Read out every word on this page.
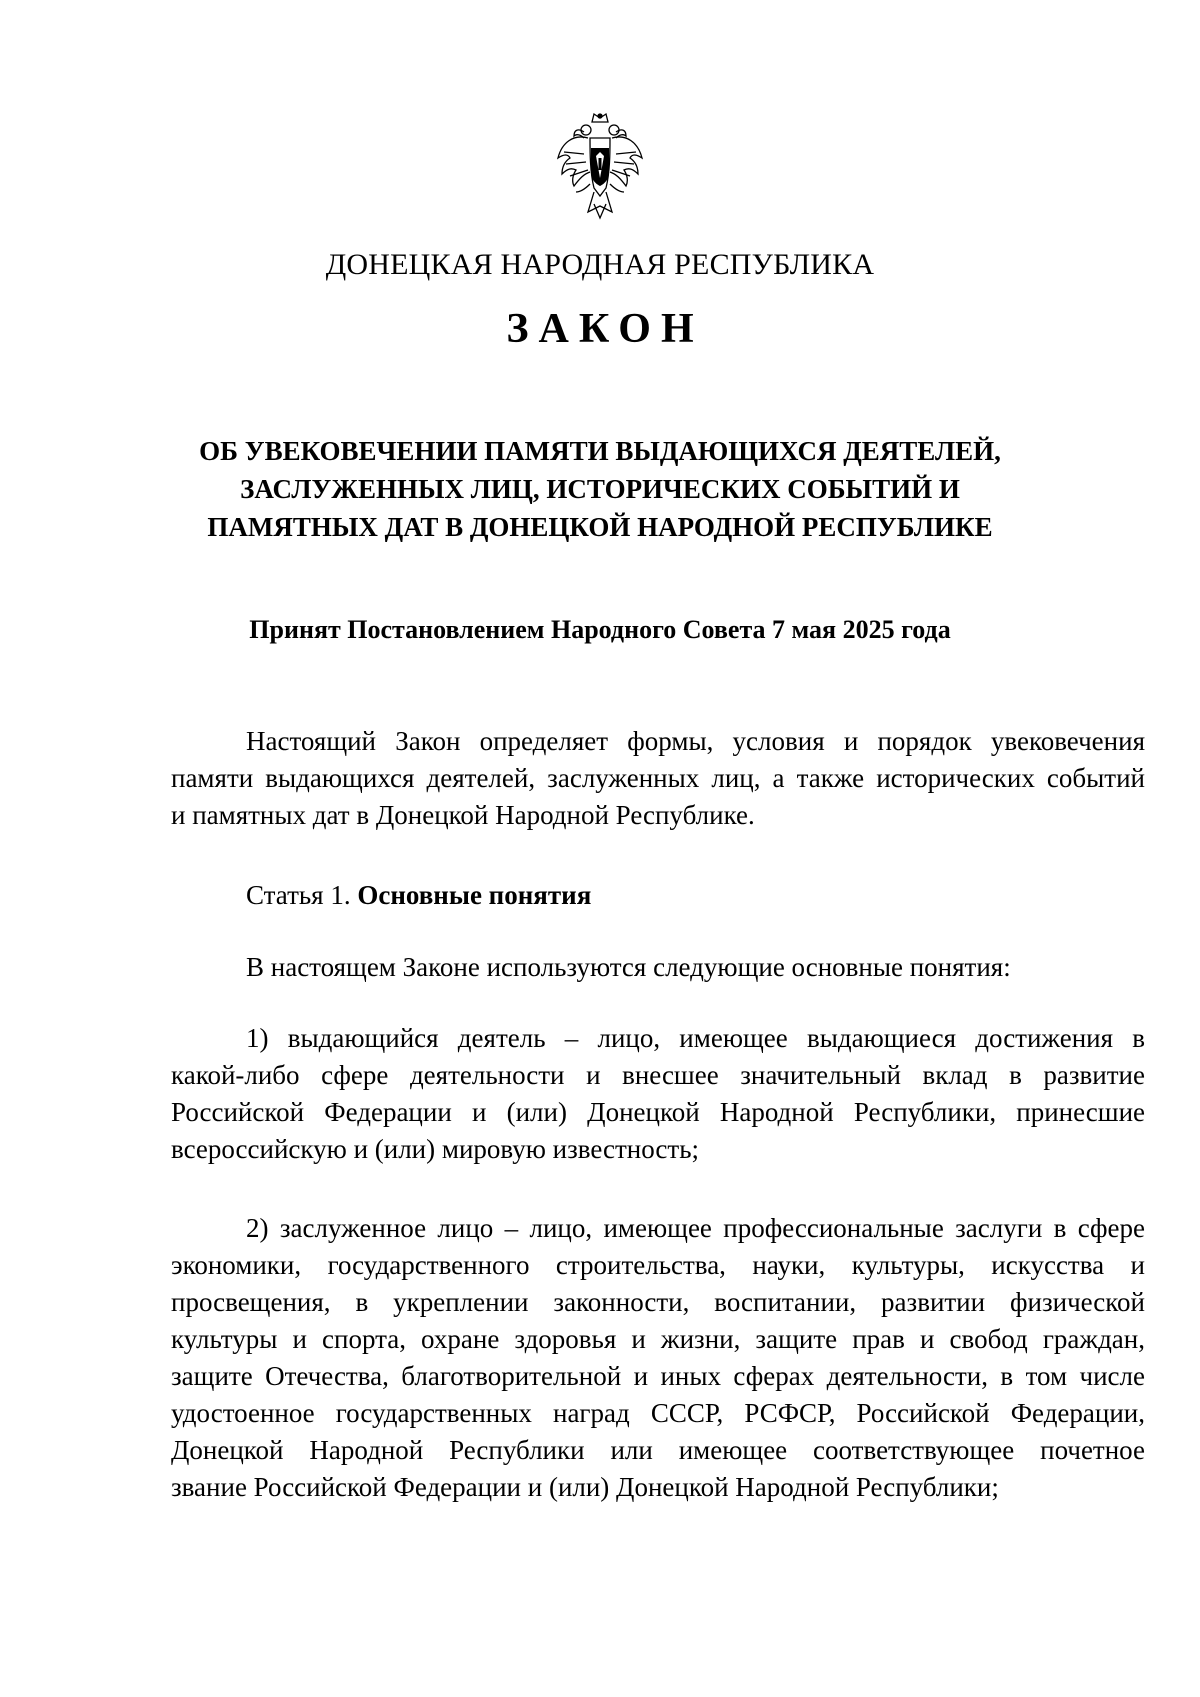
ДОНЕЦКАЯ НАРОДНАЯ РЕСПУБЛИКА
ЗАКОН
ОБ УВЕКОВЕЧЕНИИ ПАМЯТИ ВЫДАЮЩИХСЯ ДЕЯТЕЛЕЙ,
ЗАСЛУЖЕННЫХ ЛИЦ, ИСТОРИЧЕСКИХ СОБЫТИЙ И
ПАМЯТНЫХ ДАТ В ДОНЕЦКОЙ НАРОДНОЙ РЕСПУБЛИКЕ
Принят Постановлением Народного Совета 7 мая 2025 года
Настоящий Закон определяет формы, условия и порядок увековечения
памяти выдающихся деятелей, заслуженных лиц, а также исторических событий
и памятных дат в Донецкой Народной Республике.
Статья 1. Основные понятия
В настоящем Законе используются следующие основные понятия:
1) выдающийся деятель – лицо, имеющее выдающиеся достижения в
какой-либо сфере деятельности и внесшее значительный вклад в развитие
Российской Федерации и (или) Донецкой Народной Республики, принесшие
всероссийскую и (или) мировую известность;
2) заслуженное лицо – лицо, имеющее профессиональные заслуги в сфере
экономики, государственного строительства, науки, культуры, искусства и
просвещения, в укреплении законности, воспитании, развитии физической
культуры и спорта, охране здоровья и жизни, защите прав и свобод граждан,
защите Отечества, благотворительной и иных сферах деятельности, в том числе
удостоенное государственных наград СССР, РСФСР, Российской Федерации,
Донецкой Народной Республики или имеющее соответствующее почетное
звание Российской Федерации и (или) Донецкой Народной Республики;
